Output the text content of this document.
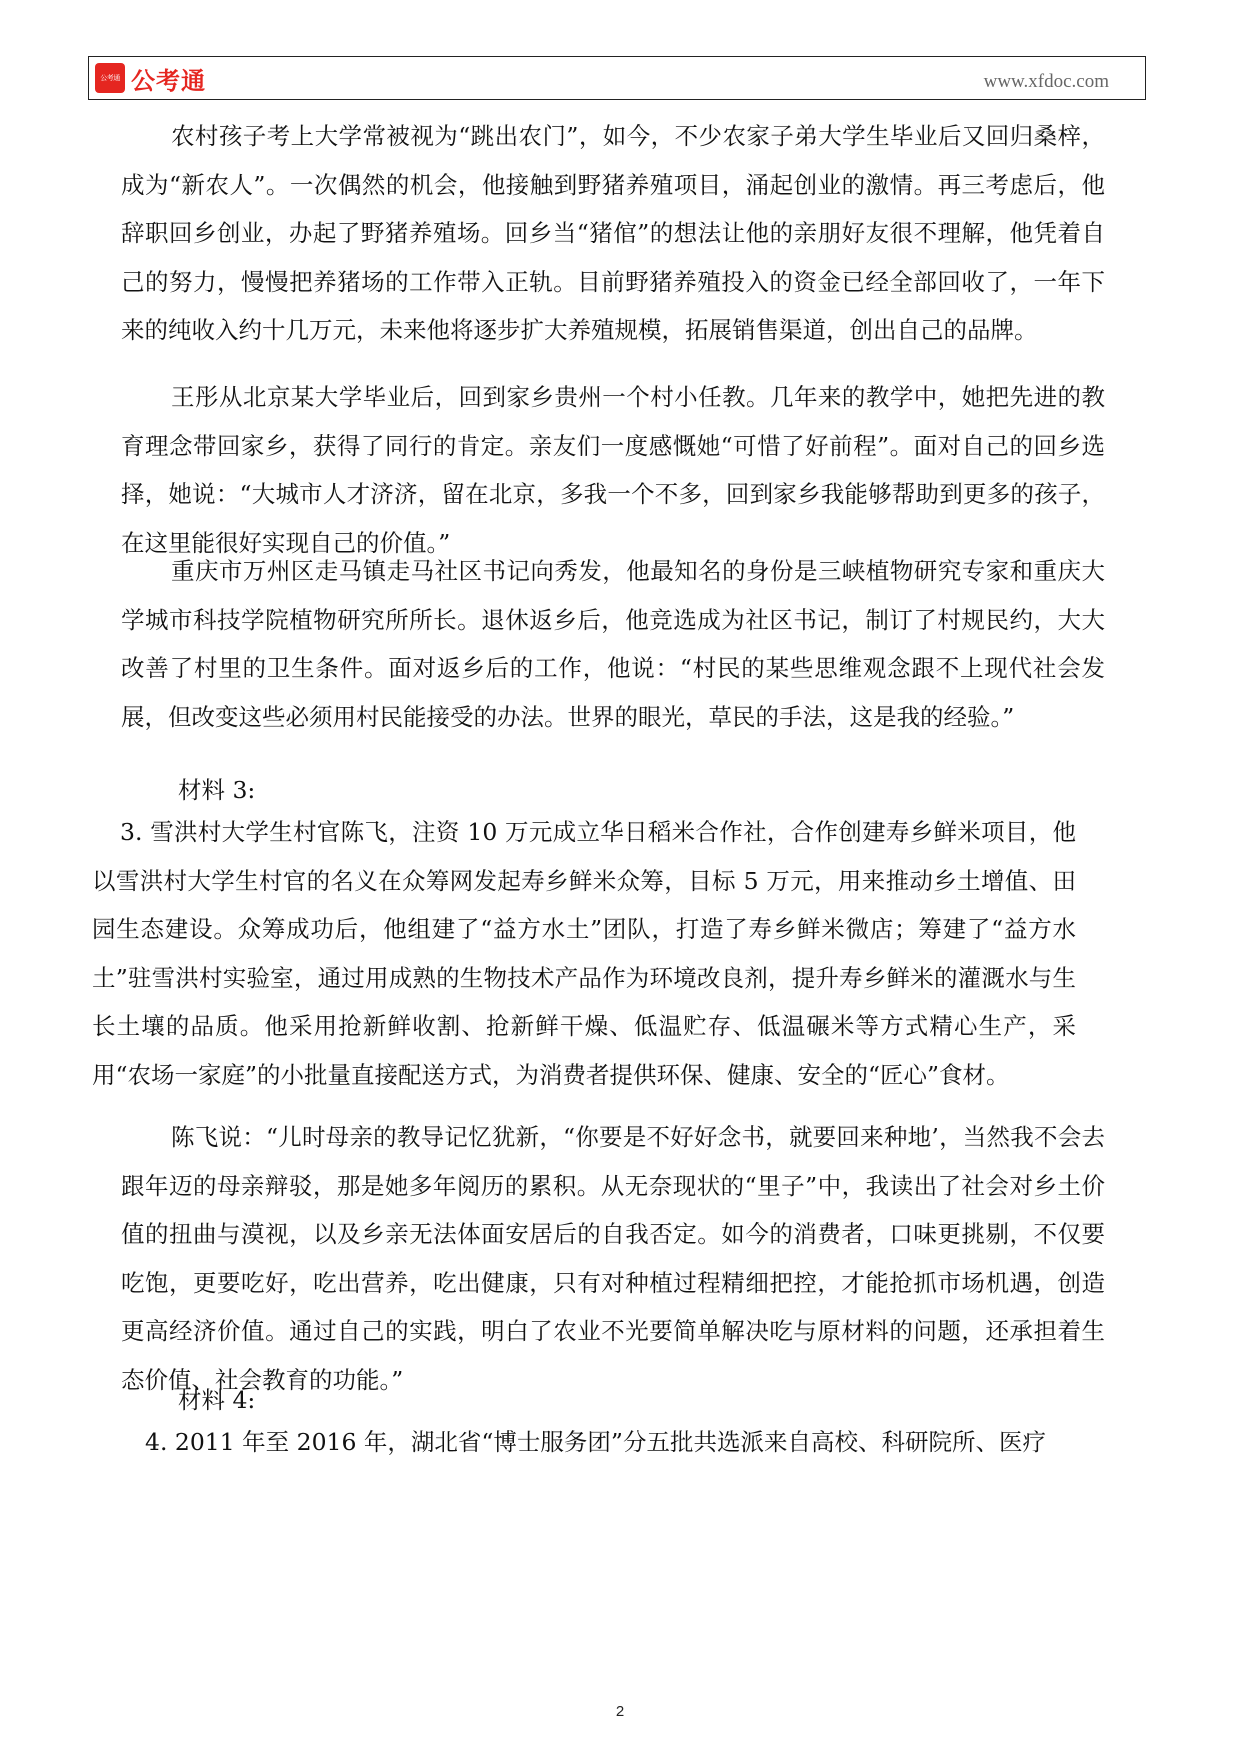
公考通 公考通	www.xfdoc.com

农村孩子考上大学常被视为“跳出农门”，如今，不少农家子弟大学生毕业后又回归桑梓，成为“新农人”。一次偶然的机会，他接触到野猪养殖项目，涌起创业的激情。再三考虑后，他辞职回乡创业，办起了野猪养殖场。回乡当“猪倌”的想法让他的亲朋好友很不理解，他凭着自己的努力，慢慢把养猪场的工作带入正轨。目前野猪养殖投入的资金已经全部回收了，一年下来的纯收入约十几万元，未来他将逐步扩大养殖规模，拓展销售渠道，创出自己的品牌。

王彤从北京某大学毕业后，回到家乡贵州一个村小任教。几年来的教学中，她把先进的教育理念带回家乡，获得了同行的肯定。亲友们一度感慨她“可惜了好前程”。面对自己的回乡选择，她说：“大城市人才济济，留在北京，多我一个不多，回到家乡我能够帮助到更多的孩子，在这里能很好实现自己的价值。”

重庆市万州区走马镇走马社区书记向秀发，他最知名的身份是三峡植物研究专家和重庆大学城市科技学院植物研究所所长。退休返乡后，他竞选成为社区书记，制订了村规民约，大大改善了村里的卫生条件。面对返乡后的工作，他说：“村民的某些思维观念跟不上现代社会发展，但改变这些必须用村民能接受的办法。世界的眼光，草民的手法，这是我的经验。”

材料 3:

3. 雪洪村大学生村官陈飞，注资 10 万元成立华日稻米合作社，合作创建寿乡鲜米项目，他以雪洪村大学生村官的名义在众筹网发起寿乡鲜米众筹，目标 5 万元，用来推动乡土增值、田园生态建设。众筹成功后，他组建了“益方水土”团队，打造了寿乡鲜米微店；筹建了“益方水土”驻雪洪村实验室，通过用成熟的生物技术产品作为环境改良剂，提升寿乡鲜米的灌溉水与生长土壤的品质。他采用抢新鲜收割、抢新鲜干燥、低温贮存、低温碾米等方式精心生产，采用“农场一家庭”的小批量直接配送方式，为消费者提供环保、健康、安全的“匠心”食材。

陈飞说：“儿时母亲的教导记忆犹新，“你要是不好好念书，就要回来种地’，当然我不会去跟年迈的母亲辩驳，那是她多年阅历的累积。从无奈现状的“里子”中，我读出了社会对乡土价值的扭曲与漠视，以及乡亲无法体面安居后的自我否定。如今的消费者，口味更挑剔，不仅要吃饱，更要吃好，吃出营养，吃出健康，只有对种植过程精细把控，才能抢抓市场机遇，创造更高经济价值。通过自己的实践，明白了农业不光要简单解决吃与原材料的问题，还承担着生态价值、社会教育的功能。”

材料 4:

4. 2011 年至 2016 年，湖北省“博士服务团”分五批共选派来自高校、科研院所、医疗

2
